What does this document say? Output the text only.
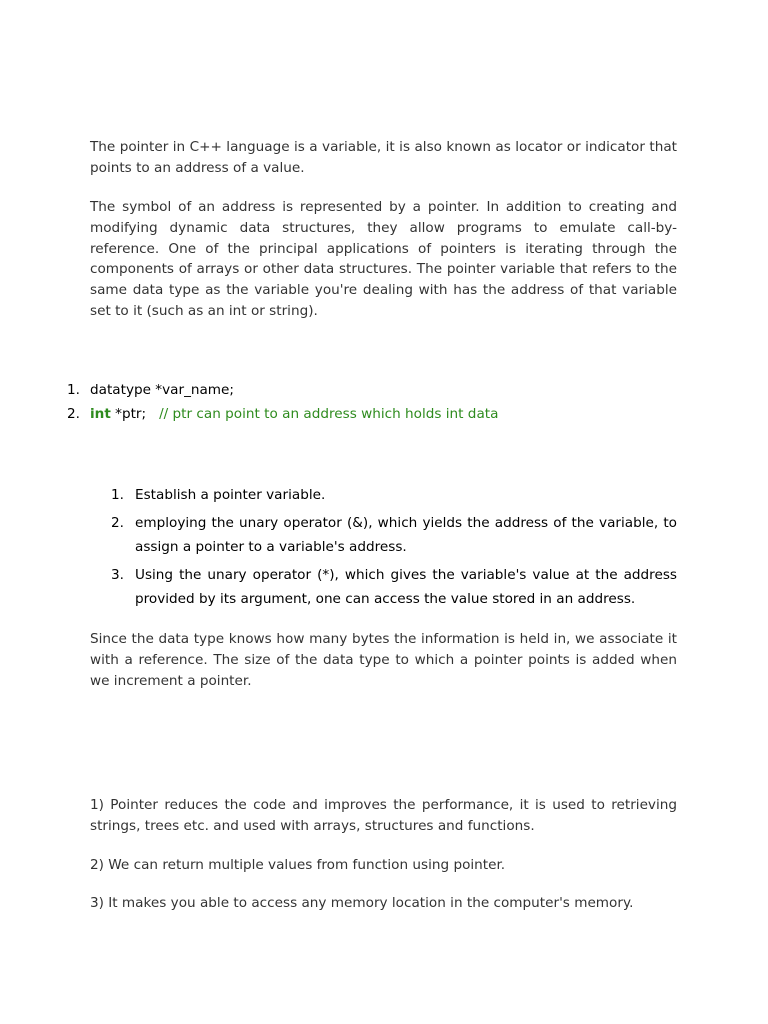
The pointer in C++ language is a variable, it is also known as locator or indicator that points to an address of a value.

The symbol of an address is represented by a pointer. In addition to creating and modifying dynamic data structures, they allow programs to emulate call-by-reference. One of the principal applications of pointers is iterating through the components of arrays or other data structures. The pointer variable that refers to the same data type as the variable you're dealing with has the address of that variable set to it (such as an int or string).

1. datatype *var_name;
2. int *ptr;   // ptr can point to an address which holds int data
1. Establish a pointer variable.
2. employing the unary operator (&), which yields the address of the variable, to assign a pointer to a variable's address.
3. Using the unary operator (*), which gives the variable's value at the address provided by its argument, one can access the value stored in an address.

Since the data type knows how many bytes the information is held in, we associate it with a reference. The size of the data type to which a pointer points is added when we increment a pointer.

1) Pointer reduces the code and improves the performance, it is used to retrieving strings, trees etc. and used with arrays, structures and functions.

2) We can return multiple values from function using pointer.

3) It makes you able to access any memory location in the computer's memory.
